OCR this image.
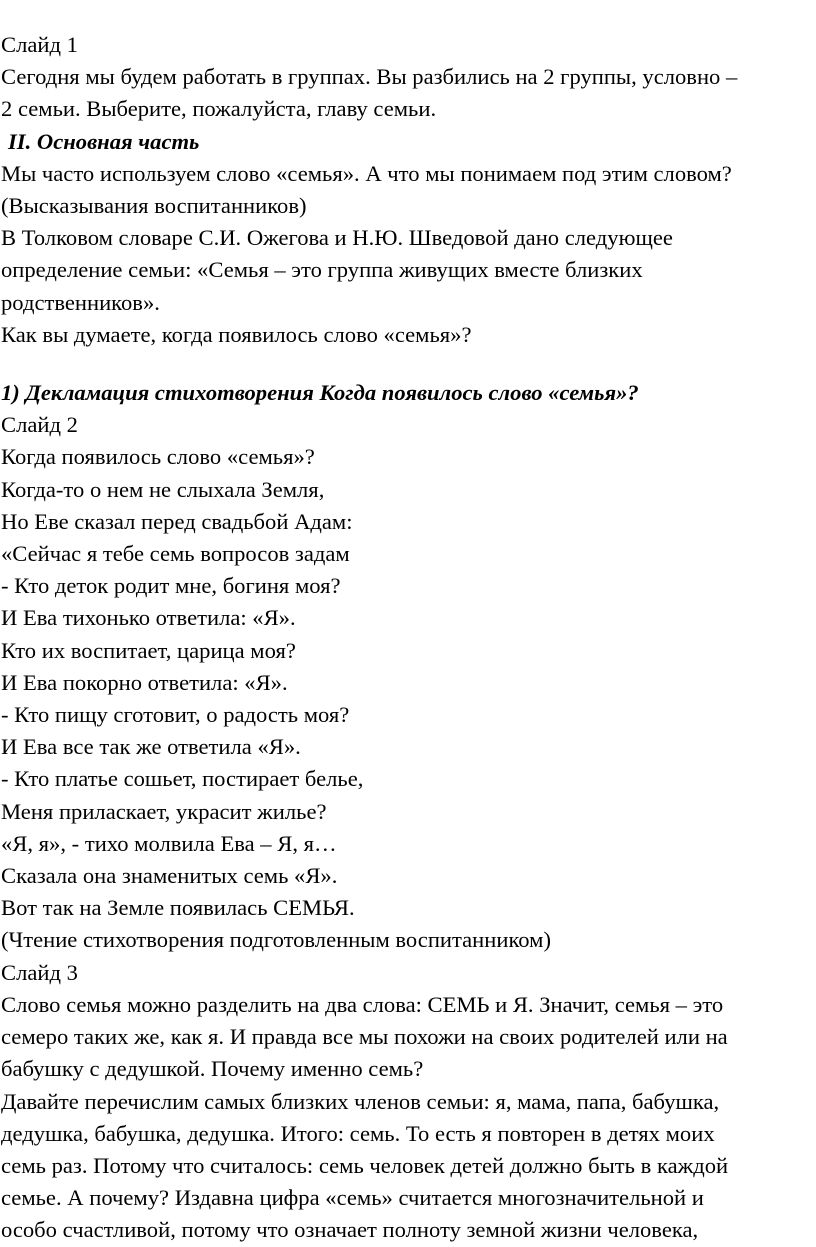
Слайд 1
Сегодня мы будем работать в группах. Вы разбились на 2 группы, условно –
2 семьи. Выберите, пожалуйста, главу семьи.
II. Основная часть
Мы часто используем слово «семья». А что мы понимаем под этим словом?
(Высказывания воспитанников)
В Толковом словаре С.И. Ожегова и Н.Ю. Шведовой дано следующее
определение семьи: «Семья – это группа живущих вместе близких
родственников».
Как вы думаете, когда появилось слово «семья»?
1) Декламация стихотворения Когда появилось слово «семья»?
Слайд 2
Когда появилось слово «семья»?
Когда-то о нем не слыхала Земля,
Но Еве сказал перед свадьбой Адам:
«Сейчас я тебе семь вопросов задам
- Кто деток родит мне, богиня моя?
И Ева тихонько ответила: «Я».
Кто их воспитает, царица моя?
И Ева покорно ответила: «Я».
- Кто пищу сготовит, о радость моя?
И Ева все так же ответила «Я».
- Кто платье сошьет, постирает белье,
Меня приласкает, украсит жилье?
«Я, я», - тихо молвила Ева – Я, я…
Сказала она знаменитых семь «Я».
Вот так на Земле появилась СЕМЬЯ.
(Чтение стихотворения подготовленным воспитанником)
Слайд 3
Слово семья можно разделить на два слова: СЕМЬ и Я. Значит, семья – это
семеро таких же, как я. И правда все мы похожи на своих родителей или на
бабушку с дедушкой. Почему именно семь?
Давайте перечислим самых близких членов семьи: я, мама, папа, бабушка,
дедушка, бабушка, дедушка. Итого: семь. То есть я повторен в детях моих
семь раз. Потому что считалось: семь человек детей должно быть в каждой
семье. А почему? Издавна цифра «семь» считается многозначительной и
особо счастливой, потому что означает полноту земной жизни человека,
